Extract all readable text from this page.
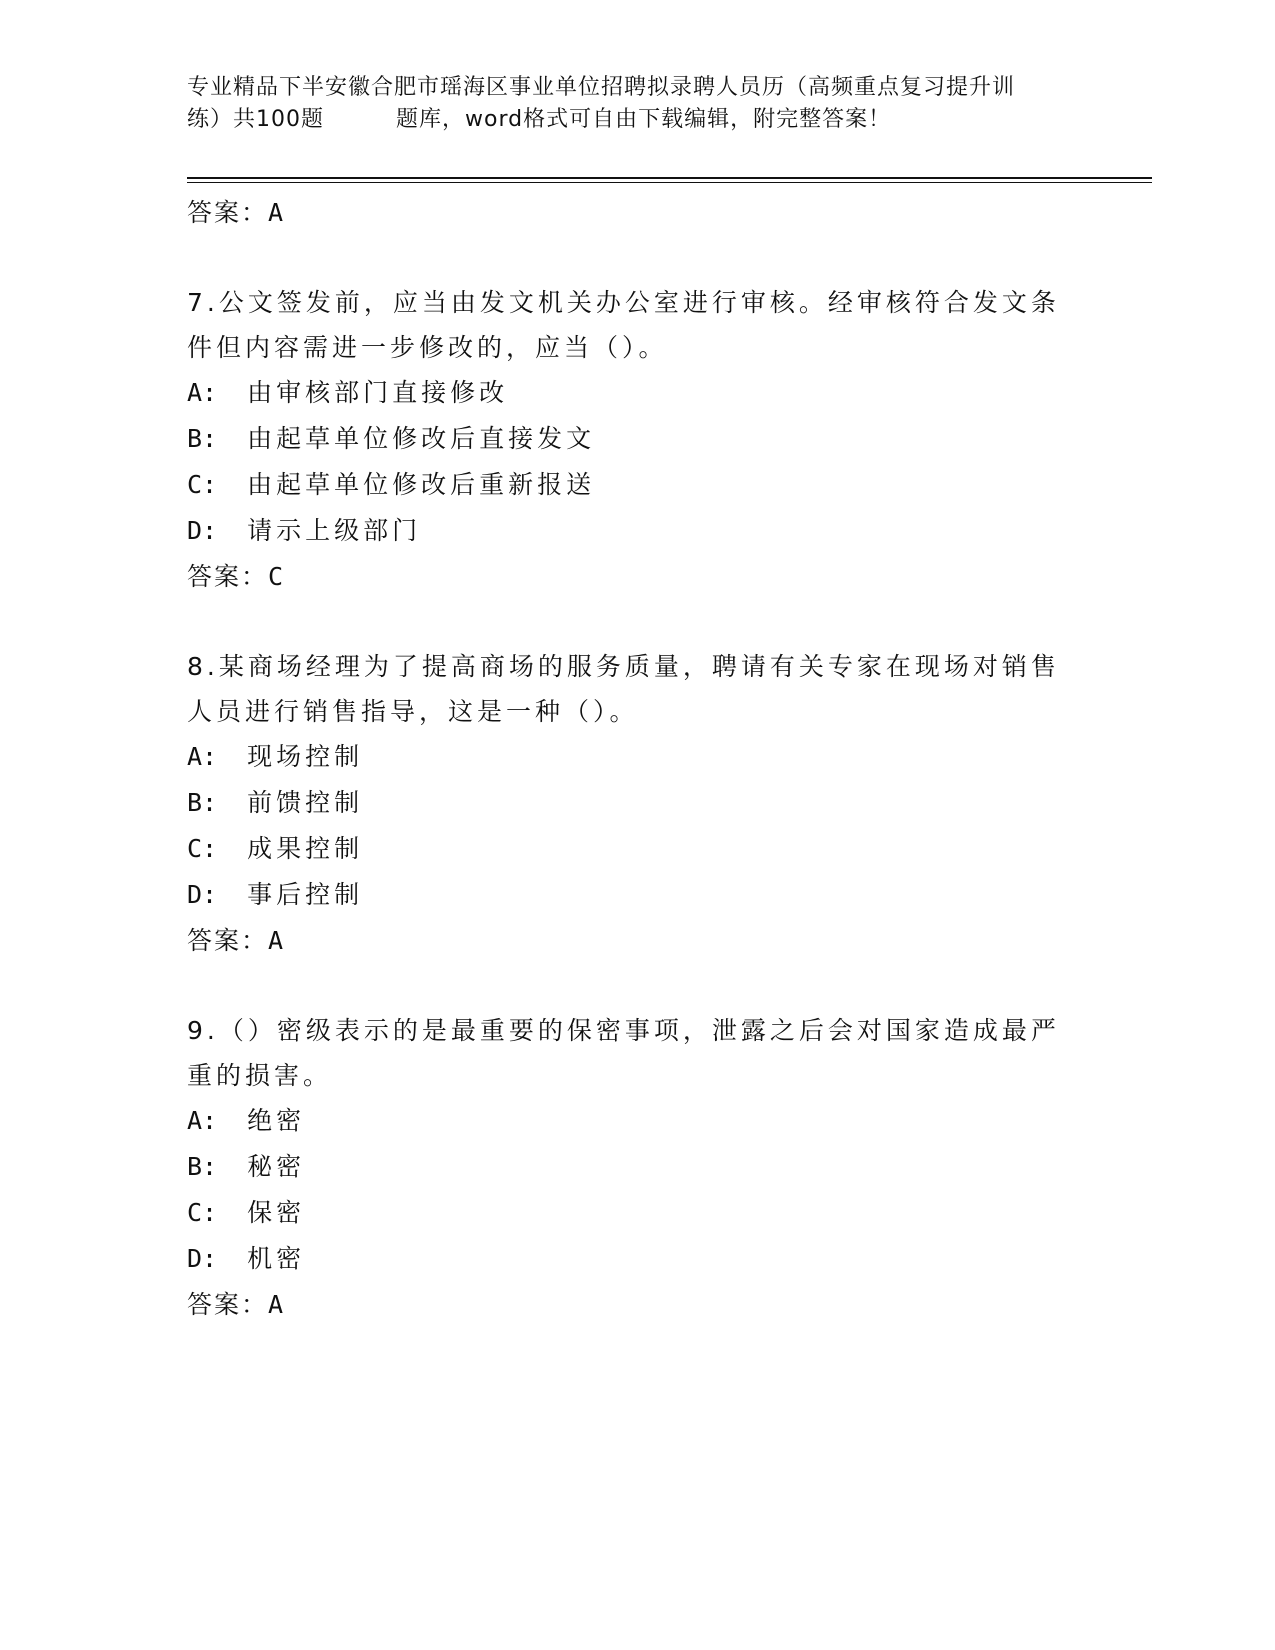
专业精品下半安徽合肥市瑶海区事业单位招聘拟录聘人员历（高频重点复习提升训
练）共100题	题库，word格式可自由下载编辑，附完整答案！
答案：A
7.公文签发前，应当由发文机关办公室进行审核。经审核符合发文条件但内容需进一步修改的，应当（）。
A: 由审核部门直接修改
B: 由起草单位修改后直接发文
C: 由起草单位修改后重新报送
D: 请示上级部门
答案：C
8.某商场经理为了提高商场的服务质量，聘请有关专家在现场对销售人员进行销售指导，这是一种（）。
A: 现场控制
B: 前馈控制
C: 成果控制
D: 事后控制
答案：A
9.（）密级表示的是最重要的保密事项，泄露之后会对国家造成最严重的损害。
A: 绝密
B: 秘密
C: 保密
D: 机密
答案：A
